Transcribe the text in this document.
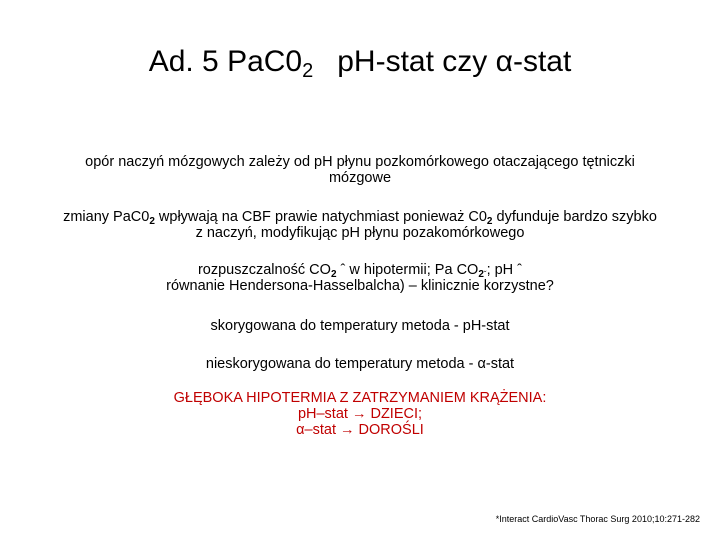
Ad. 5 $PaC0_2$ pH-stat czy α-stat
opór naczyń mózgowych zależy od pH płynu pozkomórkowego otaczającego tętniczki
mózgowe
zmiany $PaC0_2$ wpływają na CBF prawie natychmiast ponieważ $C0_2$ dyfunduje bardzo szybko
z naczyń, modyfikując pH płynu pozakomórkowego
rozpuszczalność $CO_2$ ˆ w hipotermii; Pa $CO_{2ˇ}$; pH ˆ
równanie Hendersona-Hasselbalcha) – klinicznie korzystne?
skorygowana do temperatury metoda - pH-stat
nieskorygowana do temperatury metoda - α-stat
GŁĘBOKA HIPOTERMIA Z ZATRZYMANIEM KRĄŻENIA:
pH–stat → DZIECI;
α–stat → DOROŚLI
*Interact CardioVasc Thorac Surg 2010;10:271-282
